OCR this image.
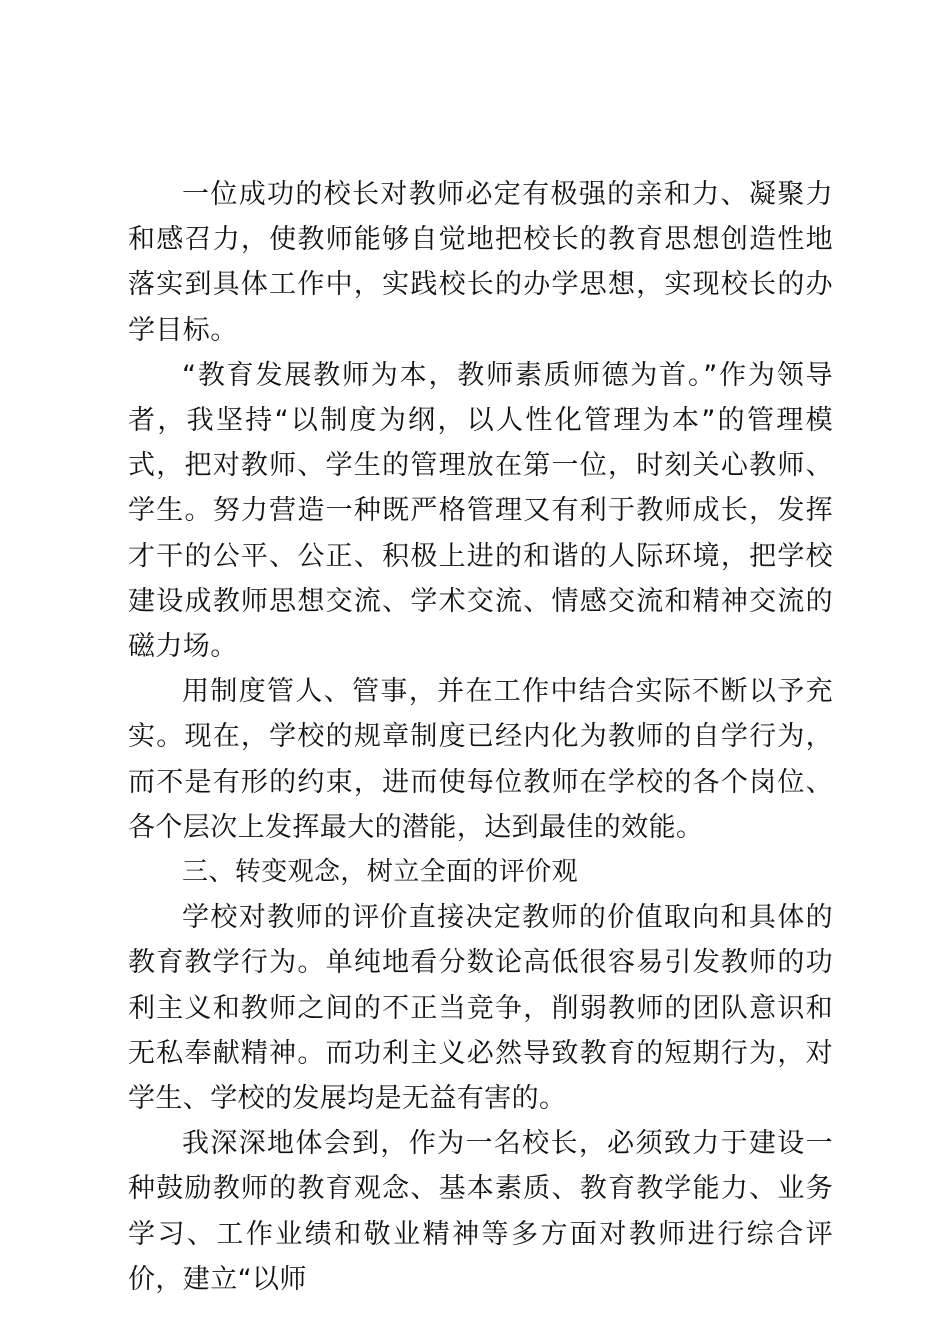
一位成功的校长对教师必定有极强的亲和力、凝聚力和感召力，使教师能够自觉地把校长的教育思想创造性地落实到具体工作中，实践校长的办学思想，实现校长的办学目标。

“教育发展教师为本，教师素质师德为首。”作为领导者，我坚持“以制度为纲，以人性化管理为本”的管理模式，把对教师、学生的管理放在第一位，时刻关心教师、学生。努力营造一种既严格管理又有利于教师成长，发挥才干的公平、公正、积极上进的和谐的人际环境，把学校建设成教师思想交流、学术交流、情感交流和精神交流的磁力场。

用制度管人、管事，并在工作中结合实际不断以予充实。现在，学校的规章制度已经内化为教师的自学行为，而不是有形的约束，进而使每位教师在学校的各个岗位、各个层次上发挥最大的潜能，达到最佳的效能。

三、转变观念，树立全面的评价观

学校对教师的评价直接决定教师的价值取向和具体的教育教学行为。单纯地看分数论高低很容易引发教师的功利主义和教师之间的不正当竞争，削弱教师的团队意识和无私奉献精神。而功利主义必然导致教育的短期行为，对学生、学校的发展均是无益有害的。

我深深地体会到，作为一名校长，必须致力于建设一种鼓励教师的教育观念、基本素质、教育教学能力、业务学习、工作业绩和敬业精神等多方面对教师进行综合评价，建立“以师
